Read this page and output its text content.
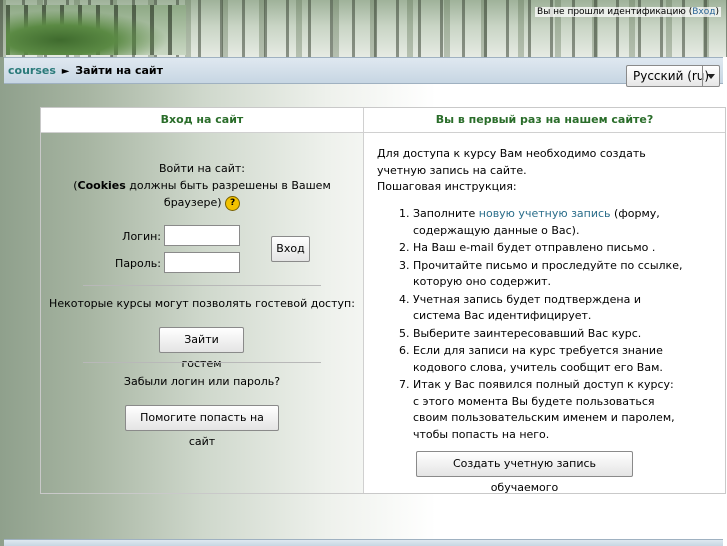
Вы не прошли идентификацию (Вход)
courses ► Зайти на сайт	Русский (ru)
Вход на сайт	Вы в первый раз на нашем сайте?
Войти на сайт:
(Cookies должны быть разрешены в Вашем
браузере) ?
Логин:
Пароль:
Вход
Некоторые курсы могут позволять гостевой доступ:
Зайти гостем
Забыли логин или пароль?
Помогите попасть на сайт
Для доступа к курсу Вам необходимо создать
учетную запись на сайте.
Пошаговая инструкция:
1. Заполните новую учетную запись (форму,
содержащую данные о Вас).
2. На Ваш e-mail будет отправлено письмо .
3. Прочитайте письмо и проследуйте по ссылке,
которую оно содержит.
4. Учетная запись будет подтверждена и
система Вас идентифицирует.
5. Выберите заинтересовавший Вас курс.
6. Если для записи на курс требуется знание
кодового слова, учитель сообщит его Вам.
7. Итак у Вас появился полный доступ к курсу:
с этого момента Вы будете пользоваться
своим пользовательским именем и паролем,
чтобы попасть на него.
Создать учетную запись обучаемого
